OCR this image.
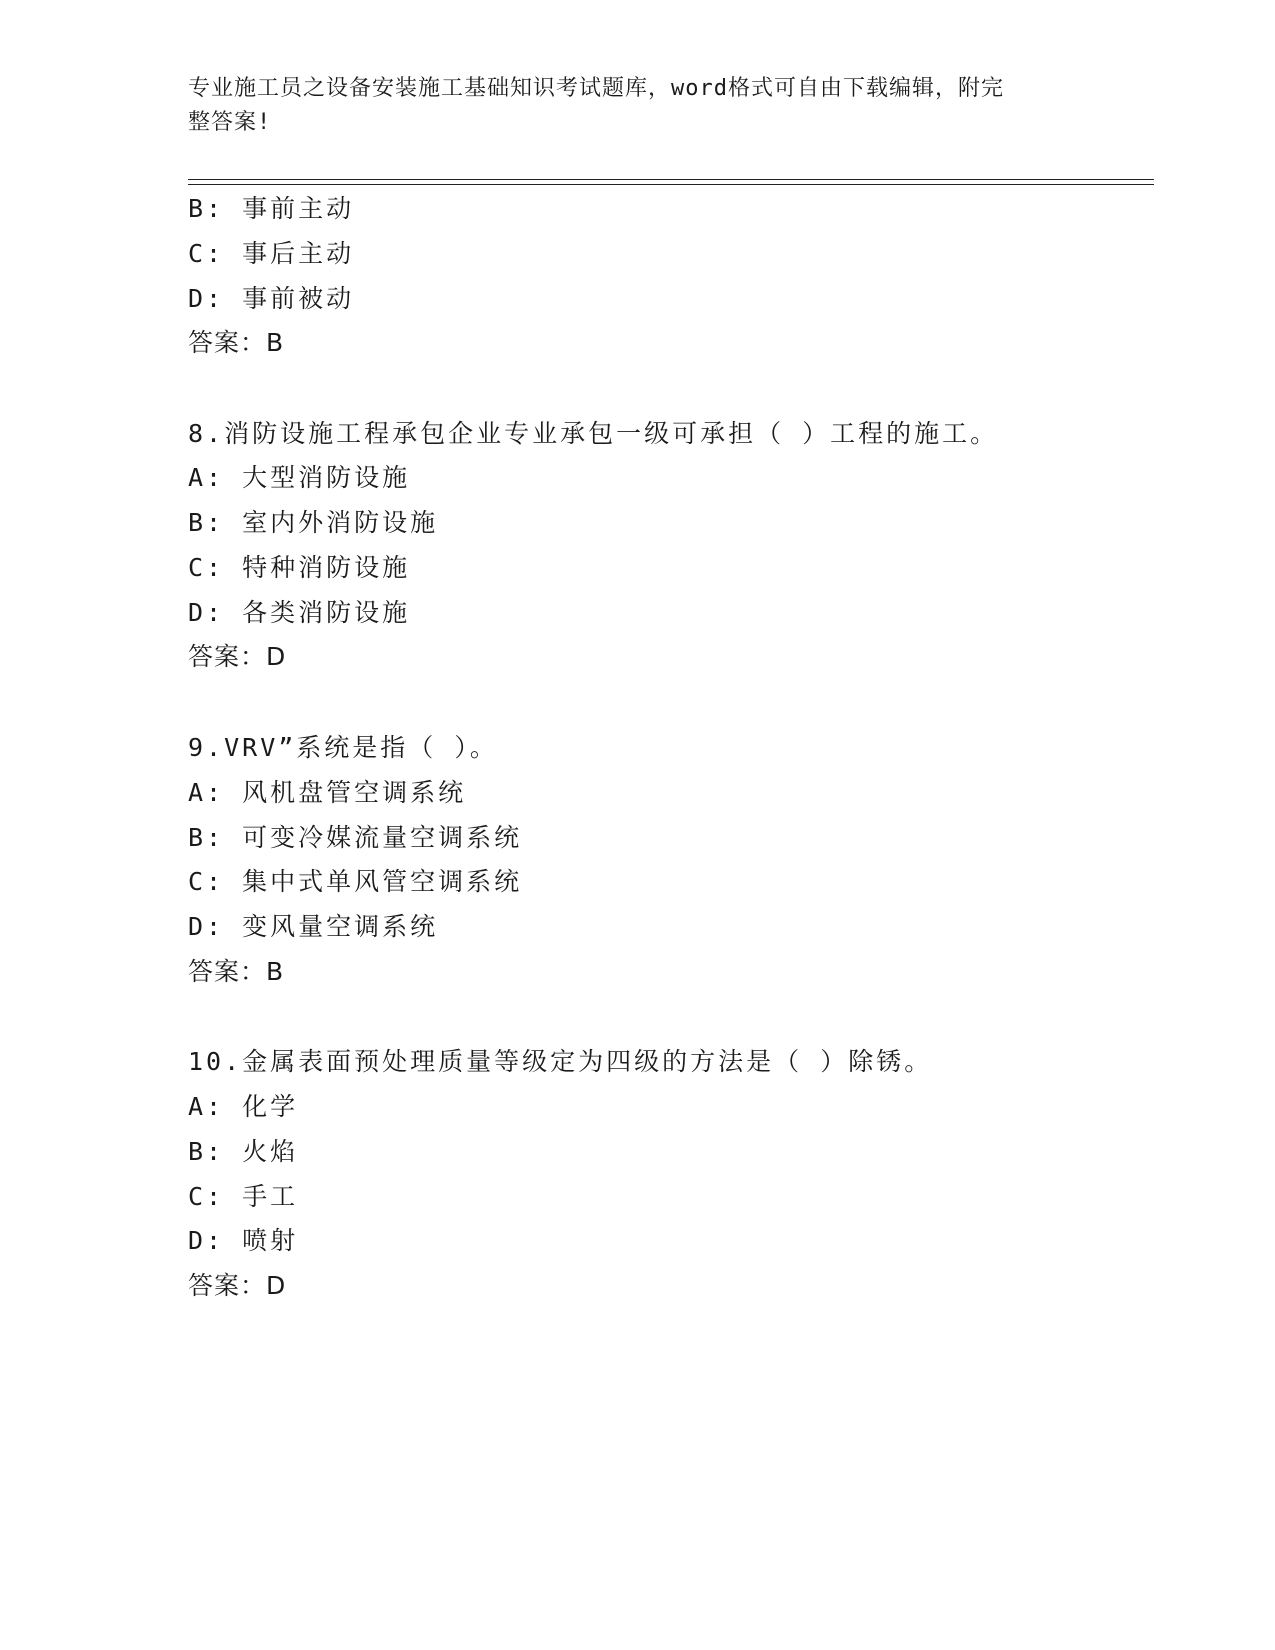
专业施工员之设备安装施工基础知识考试题库，word格式可自由下载编辑，附完
整答案!
B: 事前主动
C: 事后主动
D: 事前被动
答案：B
8.消防设施工程承包企业专业承包一级可承担（ ）工程的施工。
A: 大型消防设施
B: 室内外消防设施
C: 特种消防设施
D: 各类消防设施
答案：D
9.VRV”系统是指（ ）。
A: 风机盘管空调系统
B: 可变冷媒流量空调系统
C: 集中式单风管空调系统
D: 变风量空调系统
答案：B
10.金属表面预处理质量等级定为四级的方法是（ ）除锈。
A: 化学
B: 火焰
C: 手工
D: 喷射
答案：D
